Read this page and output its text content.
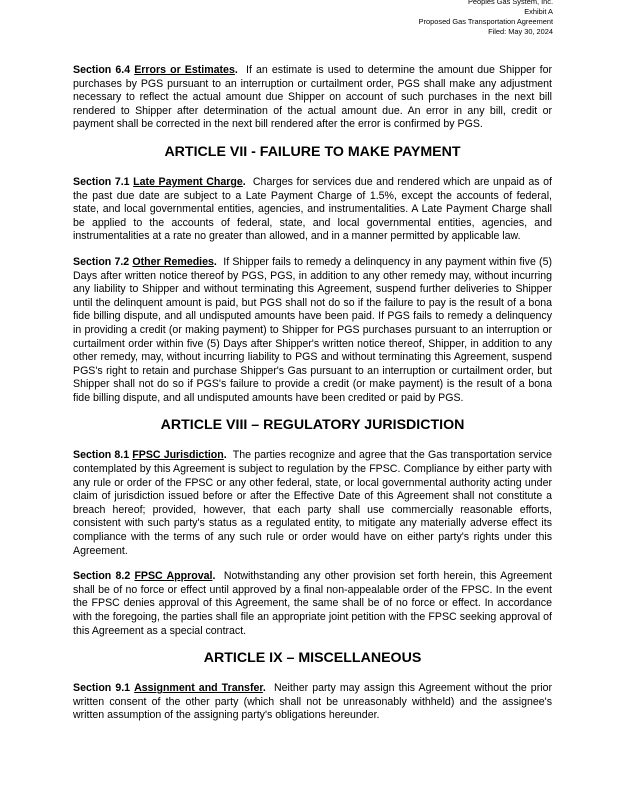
Peoples Gas System, Inc.
Exhibit A
Proposed Gas Transportation Agreement
Filed: May 30, 2024

Section 6.4 Errors or Estimates. If an estimate is used to determine the amount due Shipper for purchases by PGS pursuant to an interruption or curtailment order, PGS shall make any adjustment necessary to reflect the actual amount due Shipper on account of such purchases in the next bill rendered to Shipper after determination of the actual amount due. An error in any bill, credit or payment shall be corrected in the next bill rendered after the error is confirmed by PGS.

ARTICLE VII - FAILURE TO MAKE PAYMENT

Section 7.1 Late Payment Charge. Charges for services due and rendered which are unpaid as of the past due date are subject to a Late Payment Charge of 1.5%, except the accounts of federal, state, and local governmental entities, agencies, and instrumentalities. A Late Payment Charge shall be applied to the accounts of federal, state, and local governmental entities, agencies, and instrumentalities at a rate no greater than allowed, and in a manner permitted by applicable law.

Section 7.2 Other Remedies. If Shipper fails to remedy a delinquency in any payment within five (5) Days after written notice thereof by PGS, PGS, in addition to any other remedy may, without incurring any liability to Shipper and without terminating this Agreement, suspend further deliveries to Shipper until the delinquent amount is paid, but PGS shall not do so if the failure to pay is the result of a bona fide billing dispute, and all undisputed amounts have been paid. If PGS fails to remedy a delinquency in providing a credit (or making payment) to Shipper for PGS purchases pursuant to an interruption or curtailment order within five (5) Days after Shipper's written notice thereof, Shipper, in addition to any other remedy, may, without incurring liability to PGS and without terminating this Agreement, suspend PGS's right to retain and purchase Shipper's Gas pursuant to an interruption or curtailment order, but Shipper shall not do so if PGS's failure to provide a credit (or make payment) is the result of a bona fide billing dispute, and all undisputed amounts have been credited or paid by PGS.

ARTICLE VIII – REGULATORY JURISDICTION

Section 8.1 FPSC Jurisdiction. The parties recognize and agree that the Gas transportation service contemplated by this Agreement is subject to regulation by the FPSC. Compliance by either party with any rule or order of the FPSC or any other federal, state, or local governmental authority acting under claim of jurisdiction issued before or after the Effective Date of this Agreement shall not constitute a breach hereof; provided, however, that each party shall use commercially reasonable efforts, consistent with such party's status as a regulated entity, to mitigate any materially adverse effect its compliance with the terms of any such rule or order would have on either party's rights under this Agreement.

Section 8.2 FPSC Approval. Notwithstanding any other provision set forth herein, this Agreement shall be of no force or effect until approved by a final non-appealable order of the FPSC. In the event the FPSC denies approval of this Agreement, the same shall be of no force or effect. In accordance with the foregoing, the parties shall file an appropriate joint petition with the FPSC seeking approval of this Agreement as a special contract.

ARTICLE IX – MISCELLANEOUS

Section 9.1 Assignment and Transfer. Neither party may assign this Agreement without the prior written consent of the other party (which shall not be unreasonably withheld) and the assignee's written assumption of the assigning party's obligations hereunder.
